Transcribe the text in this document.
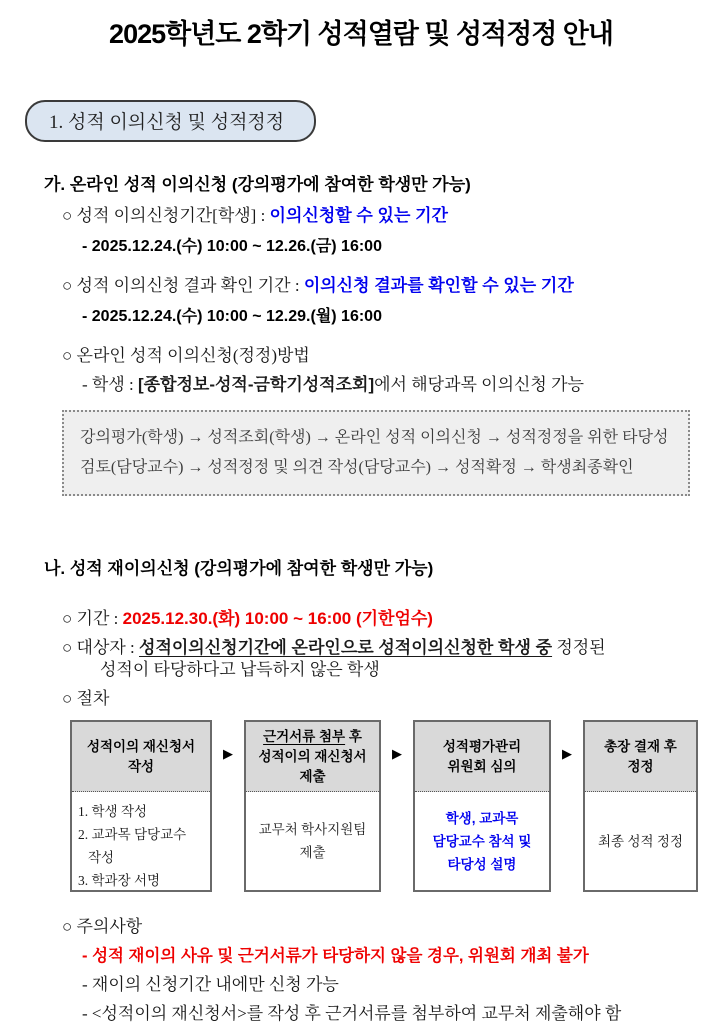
2025학년도 2학기 성적열람 및 성적정정 안내
1. 성적 이의신청 및 성적정정
가. 온라인 성적 이의신청 (강의평가에 참여한 학생만 가능)
○ 성적 이의신청기간[학생] : 이의신청할 수 있는 기간
- 2025.12.24.(수) 10:00 ~ 12.26.(금) 16:00
○ 성적 이의신청 결과 확인 기간 : 이의신청 결과를 확인할 수 있는 기간
- 2025.12.24.(수) 10:00 ~ 12.29.(월) 16:00
○ 온라인 성적 이의신청(정정)방법
- 학생 : [종합정보-성적-금학기성적조회]에서 해당과목 이의신청 가능
강의평가(학생) → 성적조회(학생) → 온라인 성적 이의신청 → 성적정정을 위한 타당성 검토(담당교수) → 성적정정 및 의견 작성(담당교수) → 성적확정 → 학생최종확인
나. 성적 재이의신청 (강의평가에 참여한 학생만 가능)
○ 기간 : 2025.12.30.(화) 10:00 ~ 16:00 (기한엄수)
○ 대상자 : 성적이의신청기간에 온라인으로 성적이의신청한 학생 중 정정된
성적이 타당하다고 납득하지 않은 학생
○ 절차
성적이의 재신청서
작성
1. 학생 작성
2. 교과목 담당교수
작성
3. 학과장 서명
▶
근거서류 첨부 후
성적이의 재신청서
제출
교무처 학사지원팀
제출
▶	성적평가관리
위원회 심의
학생, 교과목
담당교수 참석 및
타당성 설명
▶	총장 결재 후
정정
최종 성적 정정
○ 주의사항
- 성적 재이의 사유 및 근거서류가 타당하지 않을 경우, 위원회 개최 불가
- 재이의 신청기간 내에만 신청 가능
- <성적이의 재신청서>를 작성 후 근거서류를 첨부하여 교무처 제출해야 함
